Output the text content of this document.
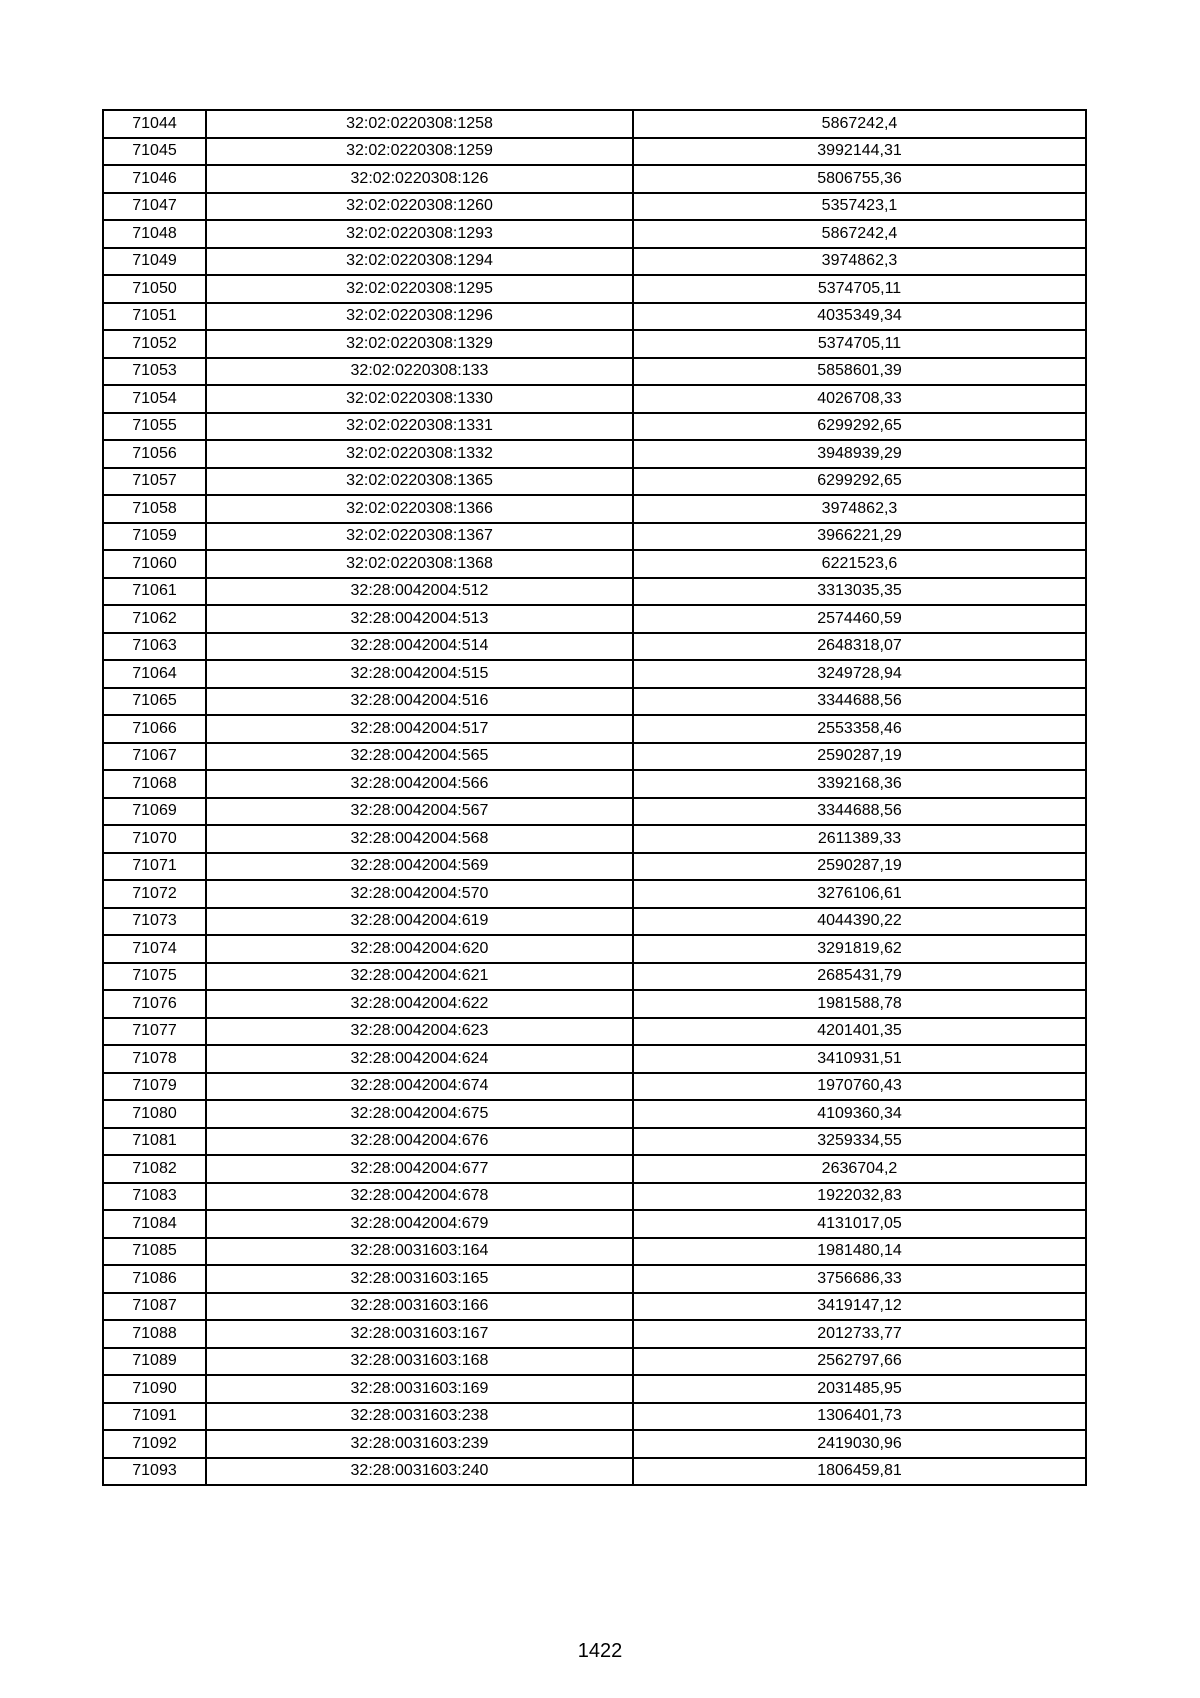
71044	32:02:0220308:1258	5867242,4
71045	32:02:0220308:1259	3992144,31
71046	32:02:0220308:126	5806755,36
71047	32:02:0220308:1260	5357423,1
71048	32:02:0220308:1293	5867242,4
71049	32:02:0220308:1294	3974862,3
71050	32:02:0220308:1295	5374705,11
71051	32:02:0220308:1296	4035349,34
71052	32:02:0220308:1329	5374705,11
71053	32:02:0220308:133	5858601,39
71054	32:02:0220308:1330	4026708,33
71055	32:02:0220308:1331	6299292,65
71056	32:02:0220308:1332	3948939,29
71057	32:02:0220308:1365	6299292,65
71058	32:02:0220308:1366	3974862,3
71059	32:02:0220308:1367	3966221,29
71060	32:02:0220308:1368	6221523,6
71061	32:28:0042004:512	3313035,35
71062	32:28:0042004:513	2574460,59
71063	32:28:0042004:514	2648318,07
71064	32:28:0042004:515	3249728,94
71065	32:28:0042004:516	3344688,56
71066	32:28:0042004:517	2553358,46
71067	32:28:0042004:565	2590287,19
71068	32:28:0042004:566	3392168,36
71069	32:28:0042004:567	3344688,56
71070	32:28:0042004:568	2611389,33
71071	32:28:0042004:569	2590287,19
71072	32:28:0042004:570	3276106,61
71073	32:28:0042004:619	4044390,22
71074	32:28:0042004:620	3291819,62
71075	32:28:0042004:621	2685431,79
71076	32:28:0042004:622	1981588,78
71077	32:28:0042004:623	4201401,35
71078	32:28:0042004:624	3410931,51
71079	32:28:0042004:674	1970760,43
71080	32:28:0042004:675	4109360,34
71081	32:28:0042004:676	3259334,55
71082	32:28:0042004:677	2636704,2
71083	32:28:0042004:678	1922032,83
71084	32:28:0042004:679	4131017,05
71085	32:28:0031603:164	1981480,14
71086	32:28:0031603:165	3756686,33
71087	32:28:0031603:166	3419147,12
71088	32:28:0031603:167	2012733,77
71089	32:28:0031603:168	2562797,66
71090	32:28:0031603:169	2031485,95
71091	32:28:0031603:238	1306401,73
71092	32:28:0031603:239	2419030,96
71093	32:28:0031603:240	1806459,81
1422
